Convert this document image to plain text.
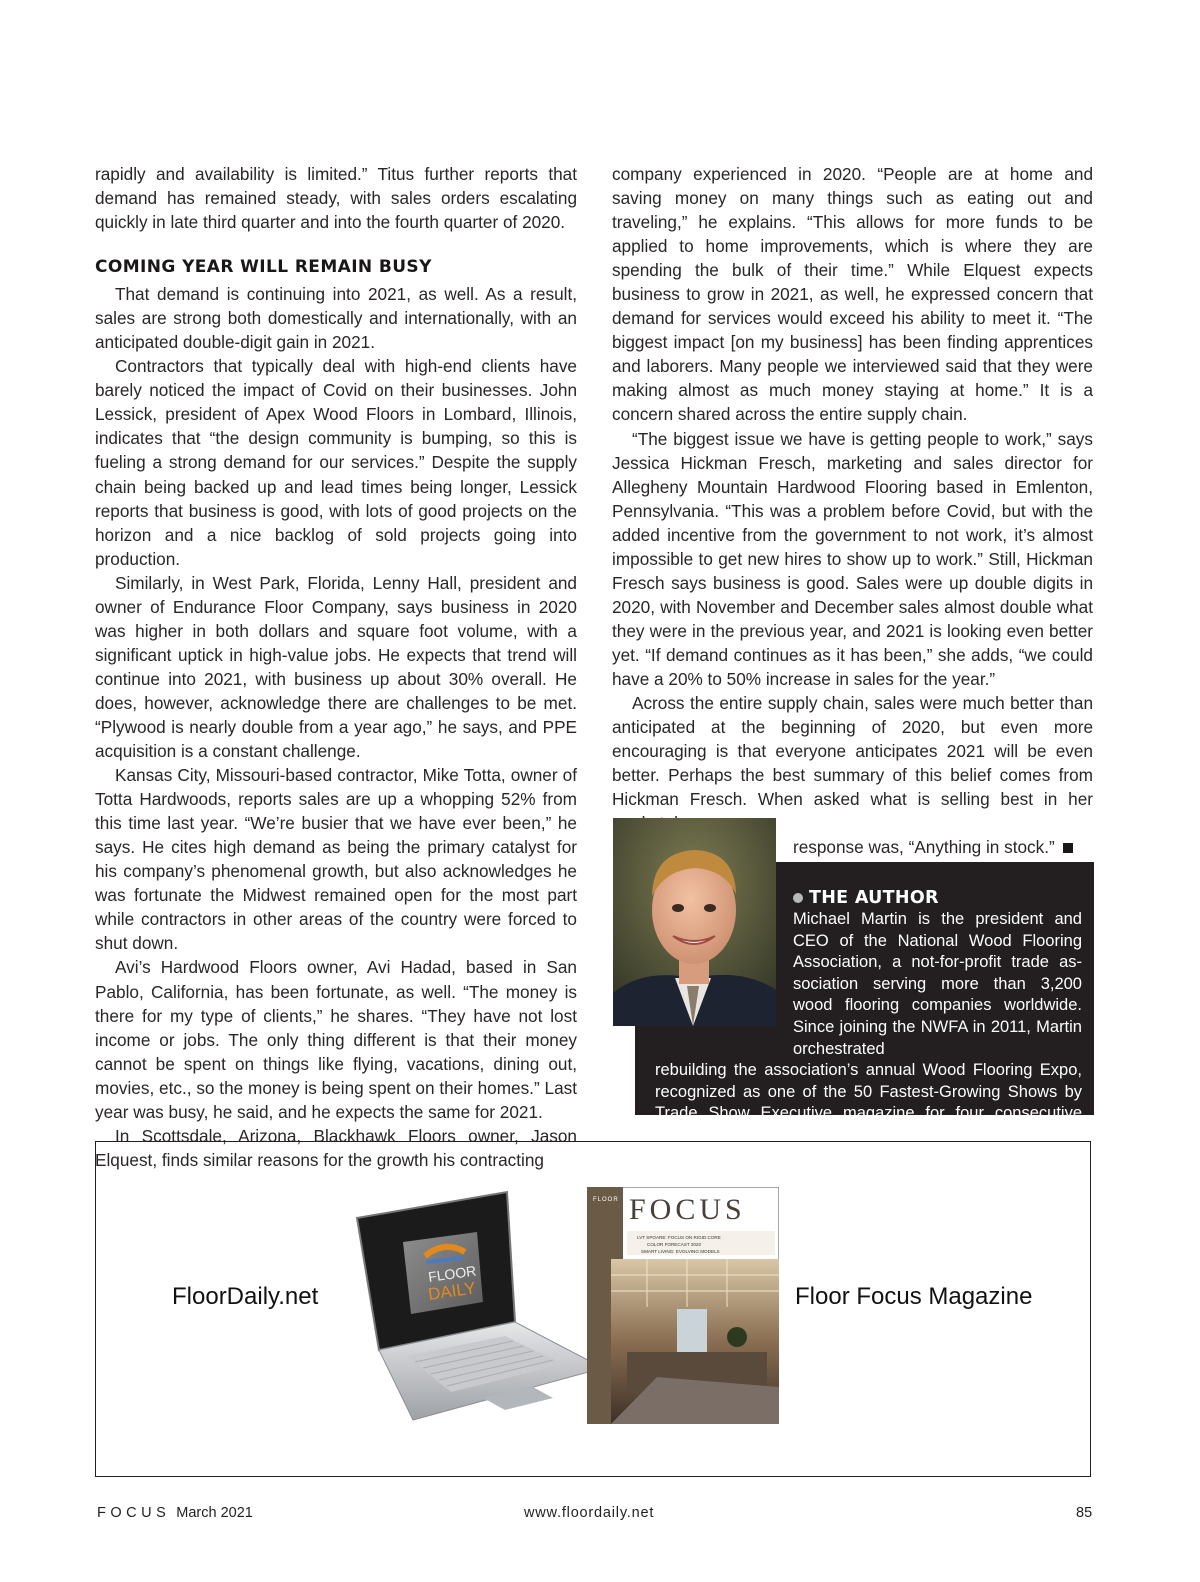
rapidly and availability is limited.” Titus further reports that demand has remained steady, with sales orders escalating quickly in late third quarter and into the fourth quarter of 2020.

COMING YEAR WILL REMAIN BUSY

That demand is continuing into 2021, as well. As a result, sales are strong both domestically and internationally, with an anticipated double-digit gain in 2021.

Contractors that typically deal with high-end clients have barely noticed the impact of Covid on their businesses. John Lessick, president of Apex Wood Floors in Lombard, Illinois, indicates that “the design community is bumping, so this is fueling a strong demand for our services.” Despite the supply chain being backed up and lead times being longer, Lessick reports that business is good, with lots of good projects on the horizon and a nice backlog of sold projects going into production.

Similarly, in West Park, Florida, Lenny Hall, president and owner of Endurance Floor Company, says business in 2020 was higher in both dollars and square foot volume, with a significant uptick in high-value jobs. He expects that trend will continue into 2021, with business up about 30% overall. He does, however, acknowledge there are challenges to be met. “Plywood is nearly double from a year ago,” he says, and PPE acquisition is a constant challenge.

Kansas City, Missouri-based contractor, Mike Totta, owner of Totta Hardwoods, reports sales are up a whopping 52% from this time last year. “We’re busier that we have ever been,” he says. He cites high demand as being the primary catalyst for his company’s phenomenal growth, but also acknowledges he was fortunate the Midwest remained open for the most part while contractors in other areas of the country were forced to shut down.

Avi’s Hardwood Floors owner, Avi Hadad, based in San Pablo, California, has been fortunate, as well. “The money is there for my type of clients,” he shares. “They have not lost income or jobs. The only thing different is that their money cannot be spent on things like flying, vacations, dining out, movies, etc., so the money is being spent on their homes.” Last year was busy, he said, and he expects the same for 2021.

In Scottsdale, Arizona, Blackhawk Floors owner, Jason Elquest, finds similar reasons for the growth his contracting

company experienced in 2020. “People are at home and saving money on many things such as eating out and traveling,” he explains. “This allows for more funds to be applied to home improvements, which is where they are spending the bulk of their time.” While Elquest expects business to grow in 2021, as well, he expressed concern that demand for services would exceed his ability to meet it. “The biggest impact [on my business] has been finding apprentices and laborers. Many people we interviewed said that they were making almost as much money staying at home.” It is a concern shared across the entire supply chain.

“The biggest issue we have is getting people to work,” says Jessica Hickman Fresch, marketing and sales director for Allegheny Mountain Hardwood Flooring based in Emlenton, Pennsylvania. “This was a problem before Covid, but with the added incentive from the government to not work, it’s almost impossible to get new hires to show up to work.” Still, Hickman Fresch says business is good. Sales were up double digits in 2020, with November and December sales almost double what they were in the previous year, and 2021 is looking even better yet. “If demand continues as it has been,” she adds, “we could have a 20% to 50% increase in sales for the year.”

Across the entire supply chain, sales were much better than anticipated at the beginning of 2020, but even more encouraging is that everyone anticipates 2021 will be even better. Perhaps the best summary of this belief comes from Hickman Fresch. When asked what is selling best in her

response was, “Anything in stock.”
THE AUTHOR
Michael Martin is the president and CEO of the National Wood Flooring Association, a not-for-profit trade as- sociation serving more than 3,200 wood flooring companies worldwide. Since joining the NWFA in 2011, Martin orchestrated
rebuilding the association’s annual Wood Flooring Expo, recognized as one of the 50 Fastest-Growing Shows by Trade Show Executive magazine for four consecutive years.
FloorDaily.net	Floor Focus Magazine
FLOOR
DAILY
FLOOR FOCUS
LVT SPOARE: FOCUS ON RIGID CORE
COLOR FORECAST 2020
SMART LIVING: EVOLVING MODELS
FOCUS March 2021	www.floordaily.net	85
